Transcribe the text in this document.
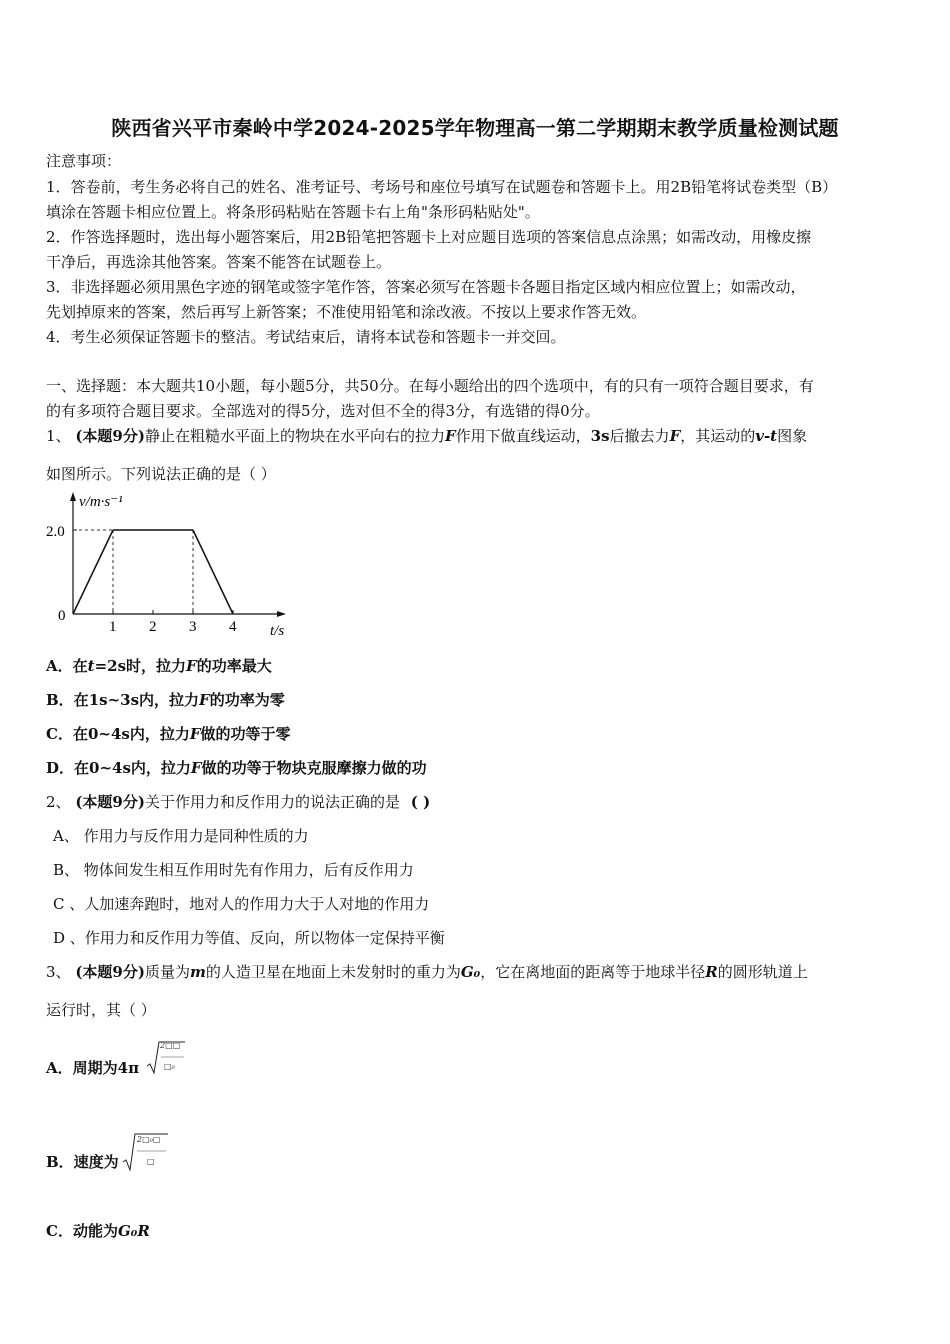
陕西省兴平市秦岭中学2024-2025学年物理高一第二学期期末教学质量检测试题
注意事项：
1．答卷前，考生务必将自己的姓名、准考证号、考场号和座位号填写在试题卷和答题卡上。用2B铅笔将试卷类型（B）
填涂在答题卡相应位置上。将条形码粘贴在答题卡右上角"条形码粘贴处"。
2．作答选择题时，选出每小题答案后，用2B铅笔把答题卡上对应题目选项的答案信息点涂黑；如需改动，用橡皮擦
干净后，再选涂其他答案。答案不能答在试题卷上。
3．非选择题必须用黑色字迹的钢笔或签字笔作答，答案必须写在答题卡各题目指定区域内相应位置上；如需改动，
先划掉原来的答案，然后再写上新答案；不准使用铅笔和涂改液。不按以上要求作答无效。
4．考生必须保证答题卡的整洁。考试结束后，请将本试卷和答题卡一并交回。
一、选择题：本大题共10小题，每小题5分，共50分。在每小题给出的四个选项中，有的只有一项符合题目要求，有
的有多项符合题目要求。全部选对的得5分，选对但不全的得3分，有选错的得0分。
1、 (本题9分)静止在粗糙水平面上的物块在水平向右的拉力F作用下做直线运动，3s后撤去力F，其运动的v-t图象
如图所示。下列说法正确的是（ ）
v/m·s⁻¹
t/s
0
2.0
1 2 3 4
A．在t=2s时，拉力F的功率最大
B．在1s~3s内，拉力F的功率为零
C．在0~4s内，拉力F做的功等于零
D．在0~4s内，拉力F做的功等于物块克服摩擦力做的功
2、 (本题9分)关于作用力和反作用力的说法正确的是 ( )
A、 作用力与反作用力是同种性质的力
B、 物体间发生相互作用时先有作用力，后有反作用力
C 、人加速奔跑时，地对人的作用力大于人对地的作用力
D 、作用力和反作用力等值、反向，所以物体一定保持平衡
3、 (本题9分)质量为m的人造卫星在地面上未发射时的重力为G₀，它在离地面的距离等于地球半径R的圆形轨道上
运行时，其（ ）
A．周期为4π
2□□
□₀
B．速度为
2□₀□
□
C．动能为G₀R
